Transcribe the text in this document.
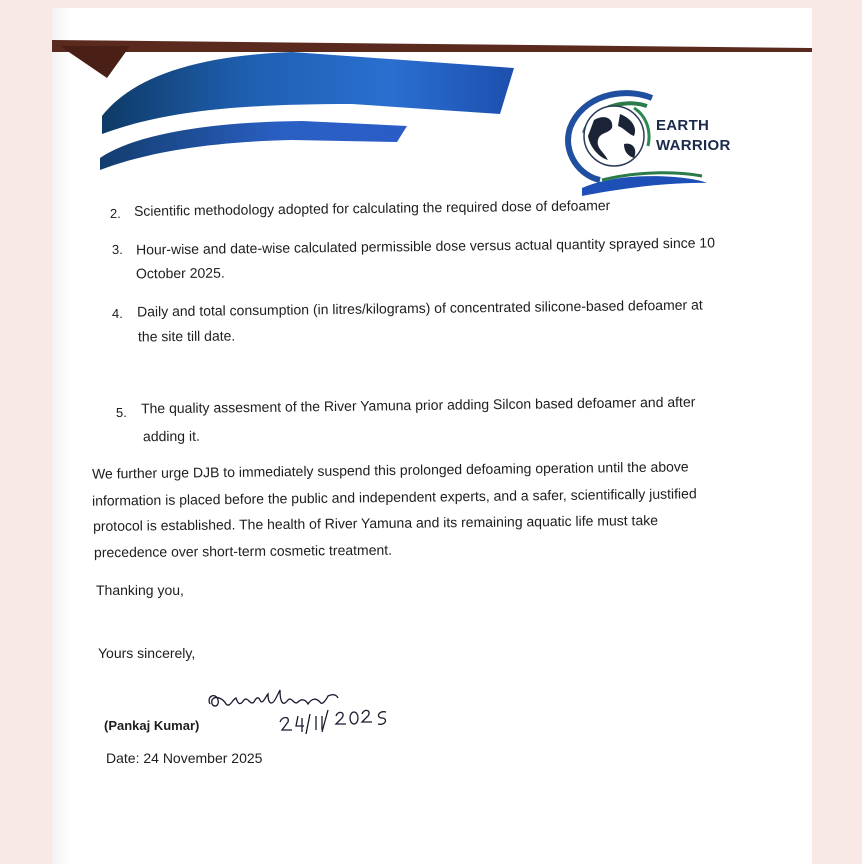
EARTH
WARRIOR
2. Scientific methodology adopted for calculating the required dose of defoamer
3. Hour-wise and date-wise calculated permissible dose versus actual quantity sprayed since 10
October 2025.
4. Daily and total consumption (in litres/kilograms) of concentrated silicone-based defoamer at
the site till date.
5. The quality assesment of the River Yamuna prior adding Silcon based defoamer and after
adding it.
We further urge DJB to immediately suspend this prolonged defoaming operation until the above
information is placed before the public and independent experts, and a safer, scientifically justified
protocol is established. The health of River Yamuna and its remaining aquatic life must take
precedence over short-term cosmetic treatment.
Thanking you,
Yours sincerely,
(Pankaj Kumar)
Date: 24 November 2025
